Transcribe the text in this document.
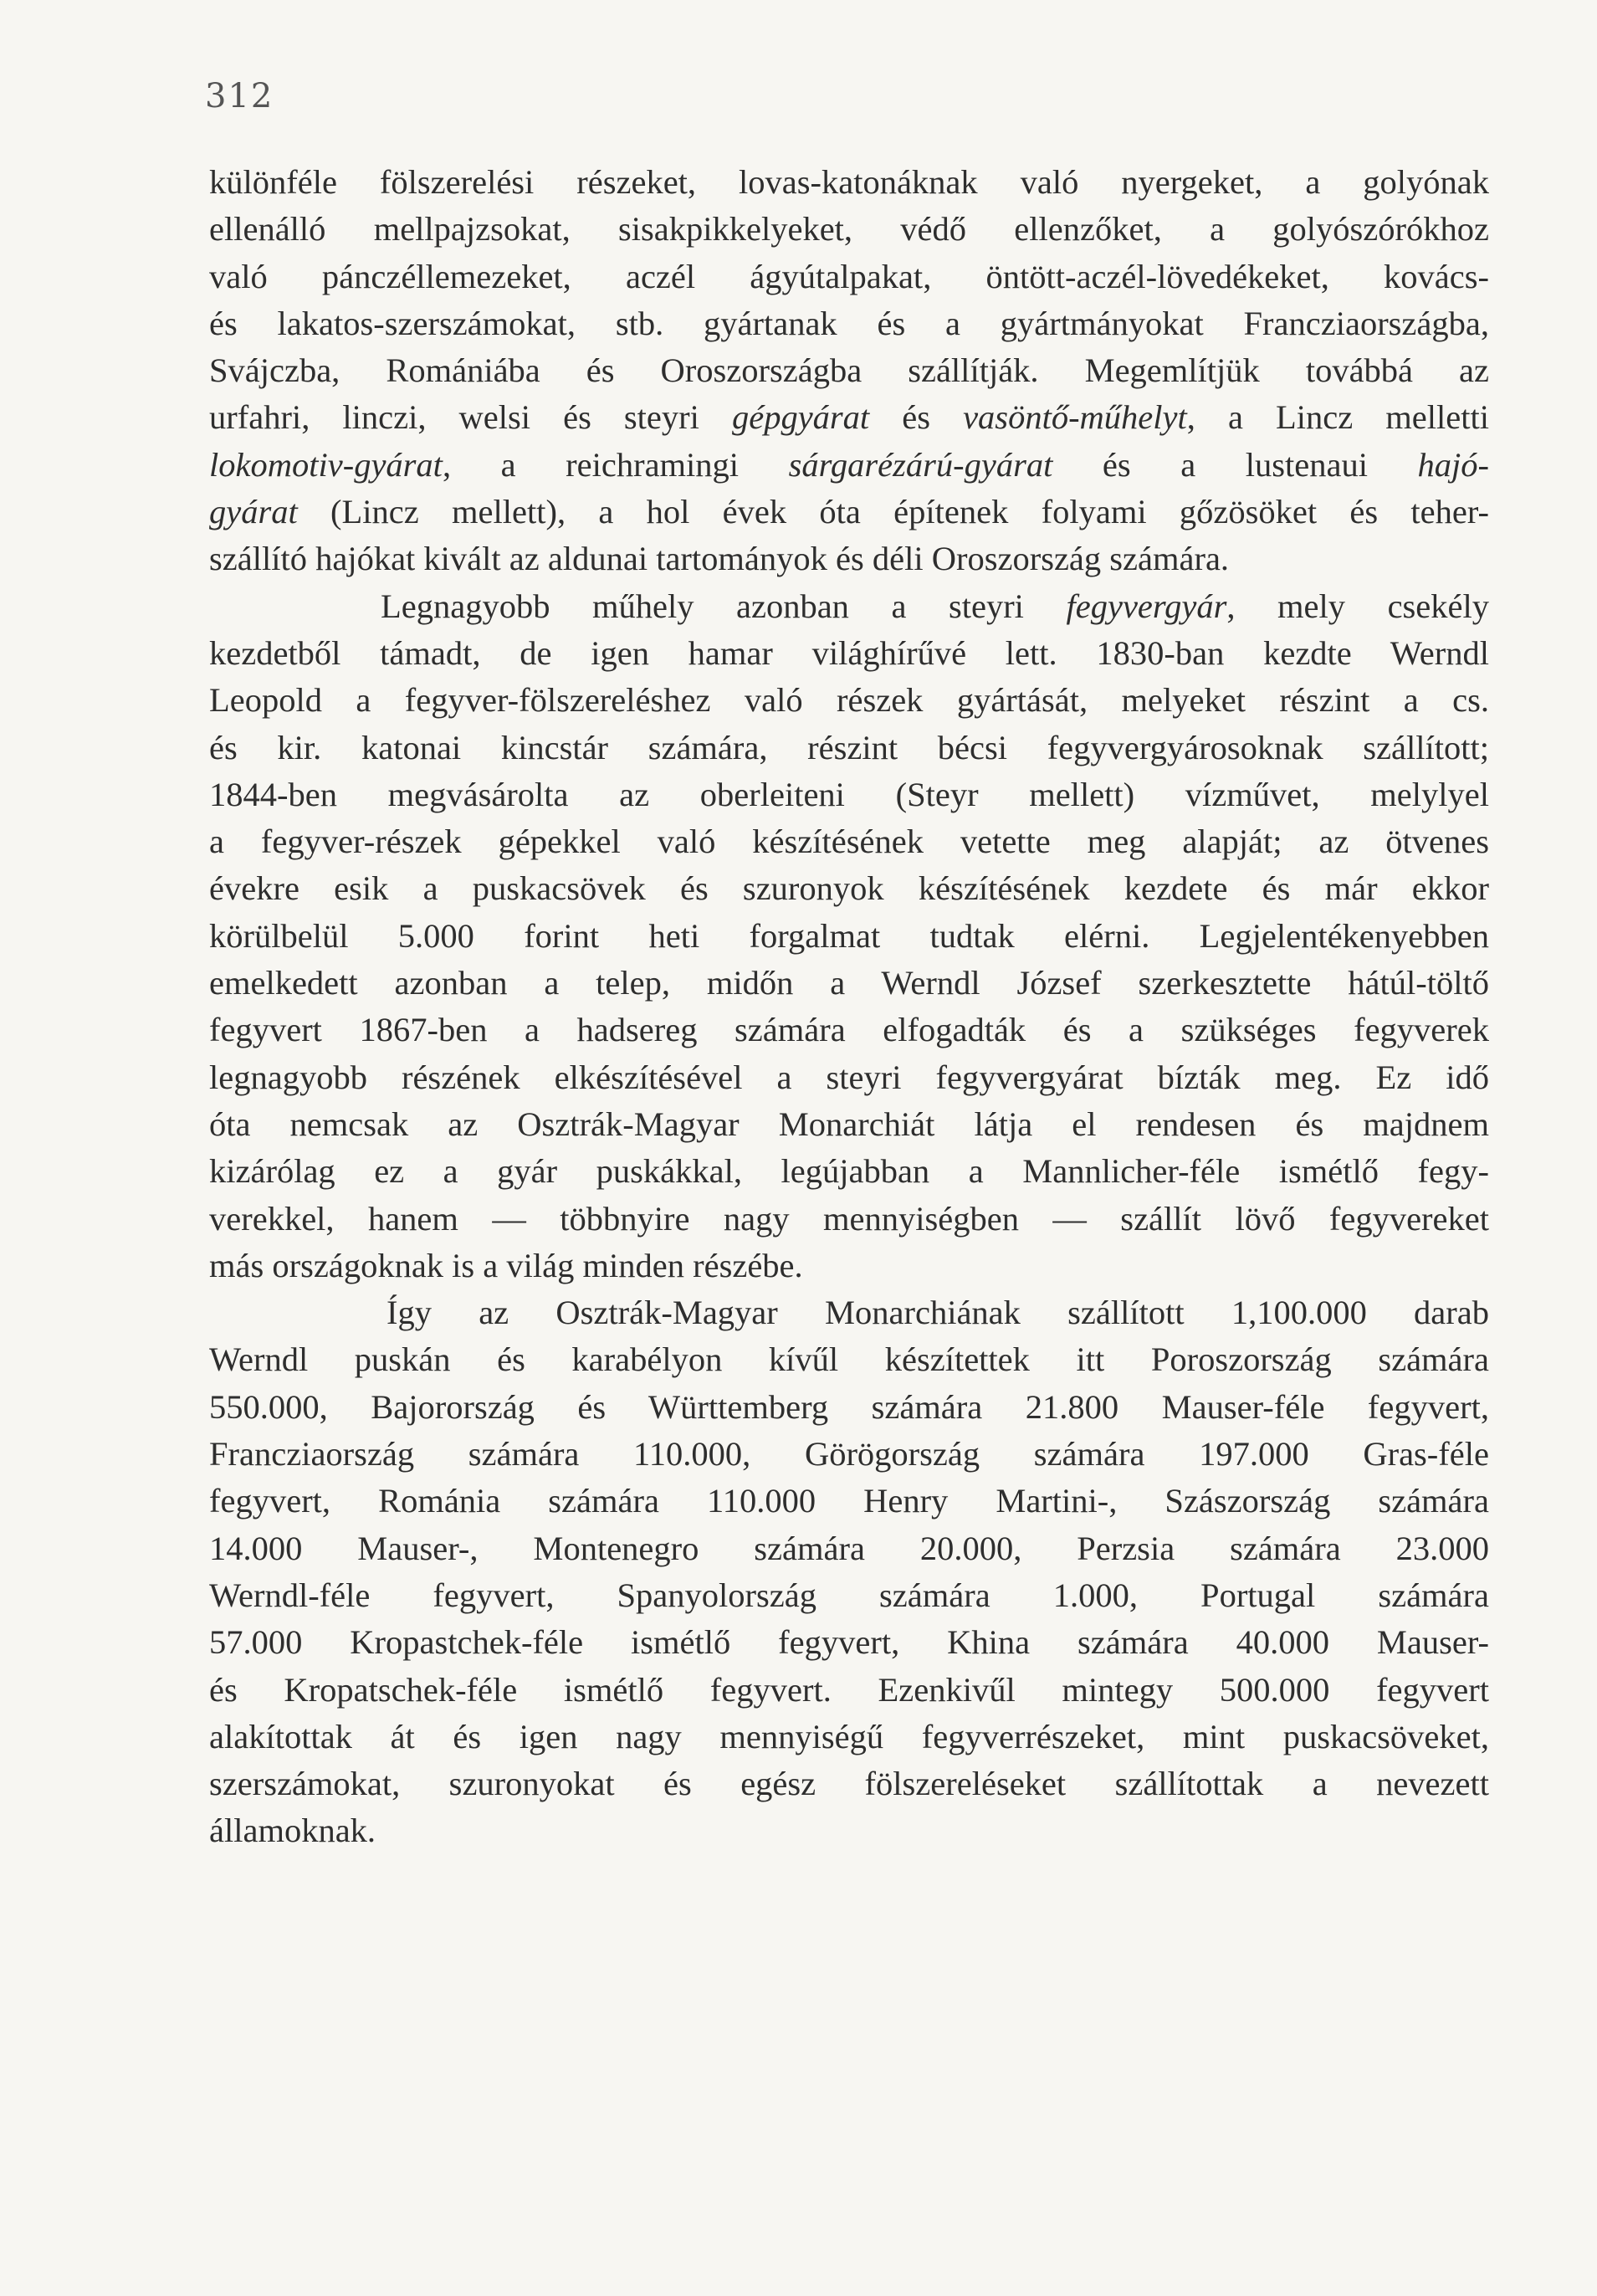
312
különféle fölszerelési részeket, lovas-katonáknak való nyergeket, a golyónak
ellenálló mellpajzsokat, sisakpikkelyeket, védő ellenzőket, a golyószórókhoz
való pánczéllemezeket, aczél ágyútalpakat, öntött-aczél-lövedékeket, kovács-
és lakatos-szerszámokat, stb. gyártanak és a gyártmányokat Francziaországba,
Svájczba, Romániába és Oroszországba szállítják. Megemlítjük továbbá az
urfahri, linczi, welsi és steyri gépgyárat és vasöntő-műhelyt, a Lincz melletti
lokomotiv-gyárat, a reichramingi sárgarézárú-gyárat és a lustenaui hajó-
gyárat (Lincz mellett), a hol évek óta építenek folyami gőzösöket és teher-
szállító hajókat kivált az aldunai tartományok és déli Oroszország számára.
Legnagyobb műhely azonban a steyri fegyvergyár, mely csekély
kezdetből támadt, de igen hamar világhírűvé lett. 1830-ban kezdte Werndl
Leopold a fegyver-fölszereléshez való részek gyártását, melyeket részint a cs.
és kir. katonai kincstár számára, részint bécsi fegyvergyárosoknak szállított;
1844-ben megvásárolta az oberleiteni (Steyr mellett) vízművet, melylyel
a fegyver-részek gépekkel való készítésének vetette meg alapját; az ötvenes
évekre esik a puskacsövek és szuronyok készítésének kezdete és már ekkor
körülbelül 5.000 forint heti forgalmat tudtak elérni. Legjelentékenyebben
emelkedett azonban a telep, midőn a Werndl József szerkesztette hátúl-töltő
fegyvert 1867-ben a hadsereg számára elfogadták és a szükséges fegyverek
legnagyobb részének elkészítésével a steyri fegyvergyárat bízták meg. Ez idő
óta nemcsak az Osztrák-Magyar Monarchiát látja el rendesen és majdnem
kizárólag ez a gyár puskákkal, legújabban a Mannlicher-féle ismétlő fegy-
verekkel, hanem — többnyire nagy mennyiségben — szállít lövő fegyvereket
más országoknak is a világ minden részébe.
Így az Osztrák-Magyar Monarchiának szállított 1,100.000 darab
Werndl puskán és karabélyon kívűl készítettek itt Poroszország számára
550.000, Bajorország és Württemberg számára 21.800 Mauser-féle fegyvert,
Francziaország számára 110.000, Görögország számára 197.000 Gras-féle
fegyvert, Románia számára 110.000 Henry Martini-, Szászország számára
14.000 Mauser-, Montenegro számára 20.000, Perzsia számára 23.000
Werndl-féle fegyvert, Spanyolország számára 1.000, Portugal számára
57.000 Kropastchek-féle ismétlő fegyvert, Khina számára 40.000 Mauser-
és Kropatschek-féle ismétlő fegyvert. Ezenkivűl mintegy 500.000 fegyvert
alakítottak át és igen nagy mennyiségű fegyverrészeket, mint puskacsöveket,
szerszámokat, szuronyokat és egész fölszereléseket szállítottak a nevezett
államoknak.
